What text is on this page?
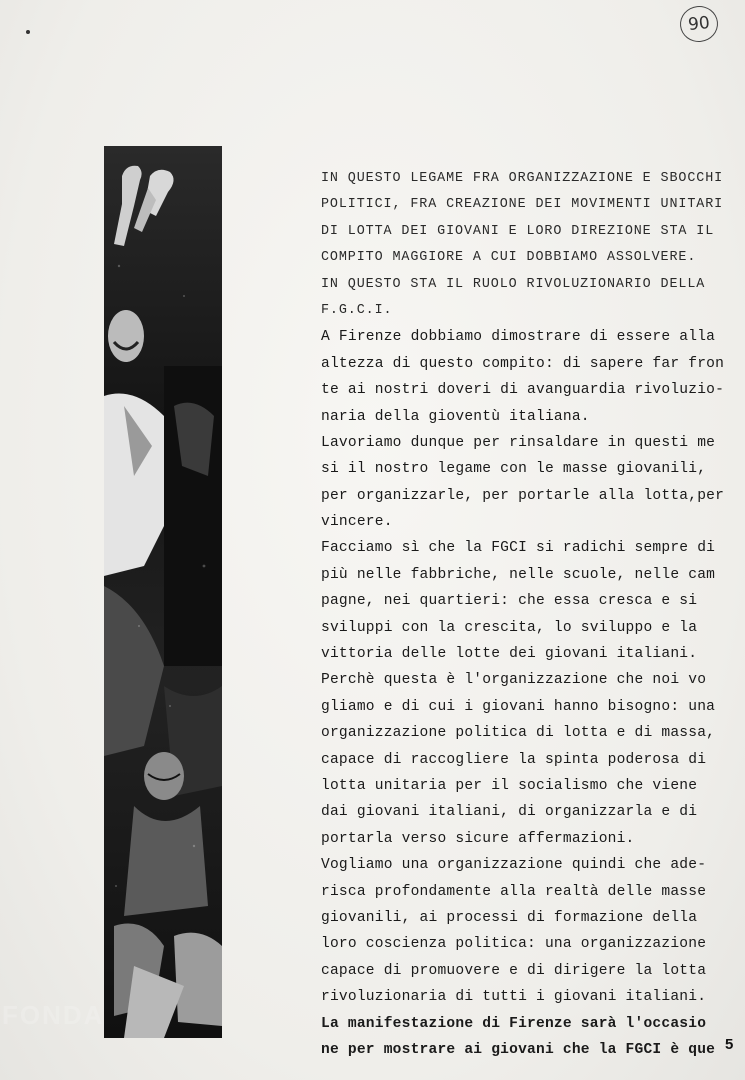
90
IN QUESTO LEGAME FRA ORGANIZZAZIONE E SBOCCHI
POLITICI, FRA CREAZIONE DEI MOVIMENTI UNITARI
DI LOTTA DEI GIOVANI E LORO DIREZIONE STA IL
COMPITO MAGGIORE A CUI DOBBIAMO ASSOLVERE.
IN QUESTO STA IL RUOLO RIVOLUZIONARIO DELLA
F.G.C.I.
A Firenze dobbiamo dimostrare di essere alla
altezza di questo compito: di sapere far fron
te ai nostri doveri di avanguardia rivoluzio-
naria della gioventù italiana.
Lavoriamo dunque per rinsaldare in questi me
si il nostro legame con le masse giovanili,
per organizzarle, per portarle alla lotta,per
vincere.
Facciamo sì che la FGCI si radichi sempre di
più nelle fabbriche, nelle scuole, nelle cam
pagne, nei quartieri: che essa cresca e si
sviluppi con la crescita, lo sviluppo e la
vittoria delle lotte dei giovani italiani.
Perchè questa è l'organizzazione che noi vo
gliamo e di cui i giovani hanno bisogno: una
organizzazione politica di lotta e di massa,
capace di raccogliere la spinta poderosa di
lotta unitaria per il socialismo che viene
dai giovani italiani, di organizzarla e di
portarla verso sicure affermazioni.
Vogliamo una organizzazione quindi che ade-
risca profondamente alla realtà delle masse
giovanili, ai processi di formazione della
loro coscienza politica: una organizzazione
capace di promuovere e di dirigere la lotta
rivoluzionaria di tutti i giovani italiani.
La manifestazione di Firenze sarà l'occasio
ne per mostrare ai giovani che la FGCI è que
FONDA
5
